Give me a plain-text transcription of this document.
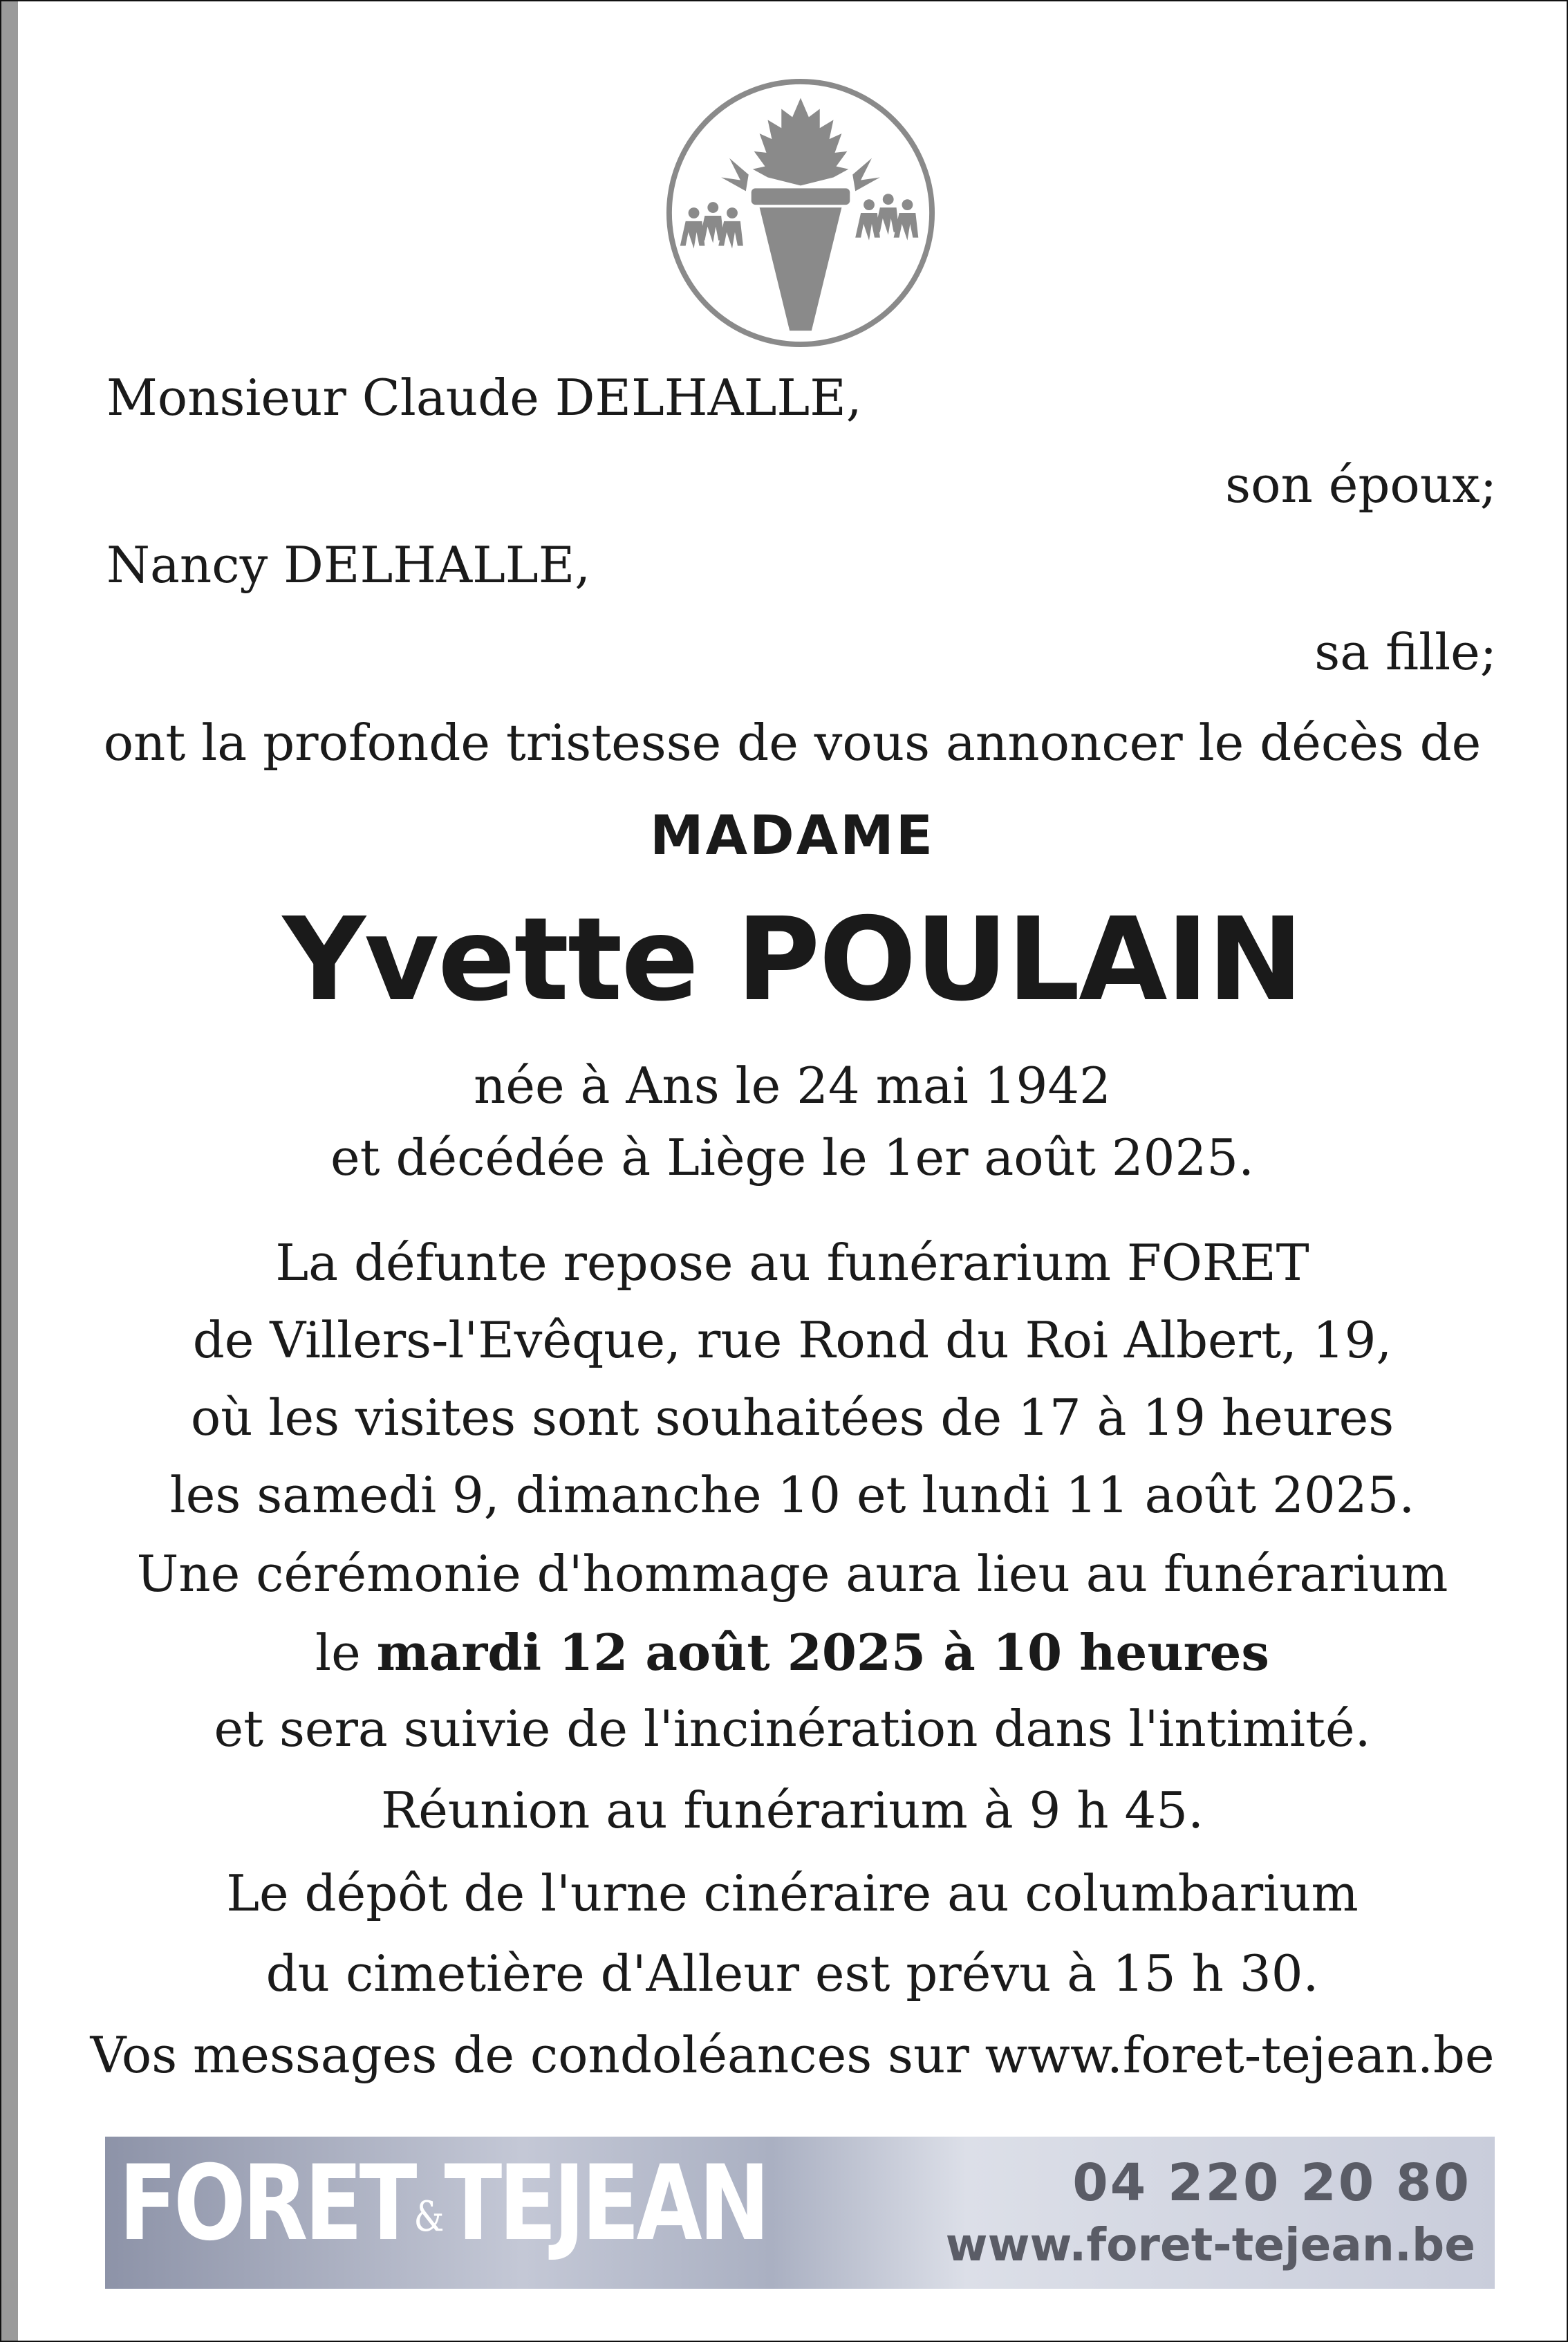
Monsieur Claude DELHALLE,

son époux;

Nancy DELHALLE,

sa fille;

ont la profonde tristesse de vous annoncer le décès de

MADAME

Yvette POULAIN

née à Ans le 24 mai 1942

et décédée à Liège le 1er août 2025.

La défunte repose au funérarium FORET

de Villers-l'Evêque, rue Rond du Roi Albert, 19,

où les visites sont souhaitées de 17 à 19 heures

les samedi 9, dimanche 10 et lundi 11 août 2025.

Une cérémonie d'hommage aura lieu au funérarium

le mardi 12 août 2025 à 10 heures

et sera suivie de l'incinération dans l'intimité.

Réunion au funérarium à 9 h 45.

Le dépôt de l'urne cinéraire au columbarium

du cimetière d'Alleur est prévu à 15 h 30.

Vos messages de condoléances sur www.foret-tejean.be

FORET&TEJEAN	04 220 20 80
www.foret-tejean.be
